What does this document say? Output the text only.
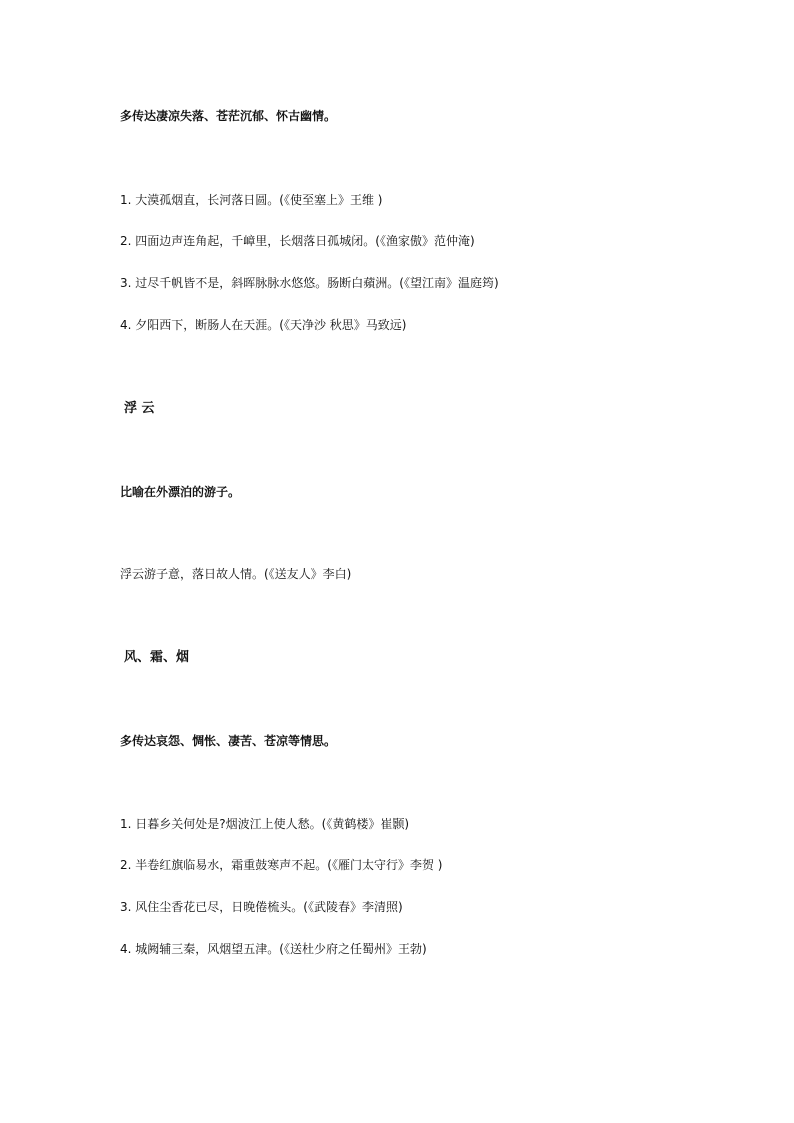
多传达凄凉失落、苍茫沉郁、怀古幽情。
1. 大漠孤烟直，长河落日圆。(《使至塞上》王维 )
2. 四面边声连角起，千嶂里，长烟落日孤城闭。(《渔家傲》范仲淹)
3. 过尽千帆皆不是，斜晖脉脉水悠悠。肠断白蘋洲。(《望江南》温庭筠)
4. 夕阳西下，断肠人在天涯。(《天净沙 秋思》马致远)
浮 云
比喻在外漂泊的游子。
浮云游子意，落日故人情。(《送友人》李白)
风、霜、烟
多传达哀怨、惆怅、凄苦、苍凉等情思。
1. 日暮乡关何处是?烟波江上使人愁。(《黄鹤楼》崔颢)
2. 半卷红旗临易水，霜重鼓寒声不起。(《雁门太守行》李贺 )
3. 风住尘香花已尽，日晚倦梳头。(《武陵春》李清照)
4. 城阙辅三秦，风烟望五津。(《送杜少府之任蜀州》王勃)
